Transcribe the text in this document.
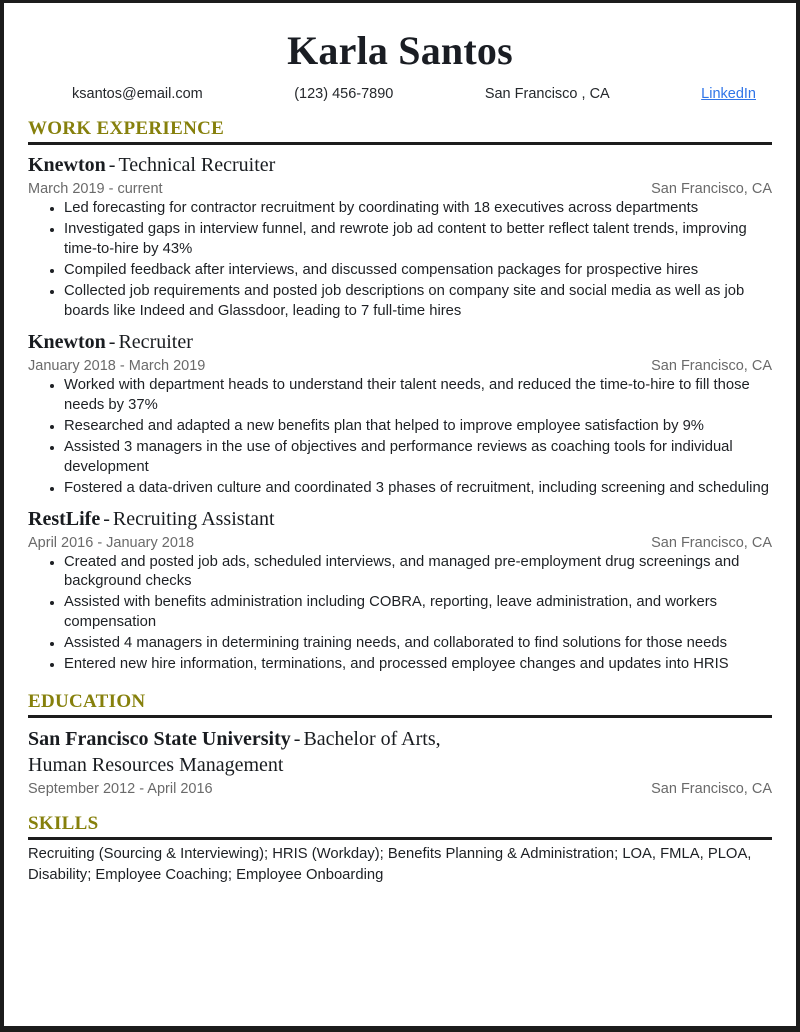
Karla Santos
ksantos@email.com	(123) 456-7890	San Francisco , CA	LinkedIn
WORK EXPERIENCE
Knewton - Technical Recruiter
March 2019 - current	San Francisco, CA
Led forecasting for contractor recruitment by coordinating with 18 executives across departments
Investigated gaps in interview funnel, and rewrote job ad content to better reflect talent trends, improving time-to-hire by 43%
Compiled feedback after interviews, and discussed compensation packages for prospective hires
Collected job requirements and posted job descriptions on company site and social media as well as job boards like Indeed and Glassdoor, leading to 7 full-time hires
Knewton - Recruiter
January 2018 - March 2019	San Francisco, CA
Worked with department heads to understand their talent needs, and reduced the time-to-hire to fill those needs by 37%
Researched and adapted a new benefits plan that helped to improve employee satisfaction by 9%
Assisted 3 managers in the use of objectives and performance reviews as coaching tools for individual development
Fostered a data-driven culture and coordinated 3 phases of recruitment, including screening and scheduling
RestLife - Recruiting Assistant
April 2016 - January 2018	San Francisco, CA
Created and posted job ads, scheduled interviews, and managed pre-employment drug screenings and background checks
Assisted with benefits administration including COBRA, reporting, leave administration, and workers compensation
Assisted 4 managers in determining training needs, and collaborated to find solutions for those needs
Entered new hire information, terminations, and processed employee changes and updates into HRIS
EDUCATION
San Francisco State University - Bachelor of Arts, Human Resources Management
September 2012 - April 2016	San Francisco, CA
SKILLS
Recruiting (Sourcing & Interviewing); HRIS (Workday); Benefits Planning & Administration; LOA, FMLA, PLOA, Disability; Employee Coaching; Employee Onboarding
